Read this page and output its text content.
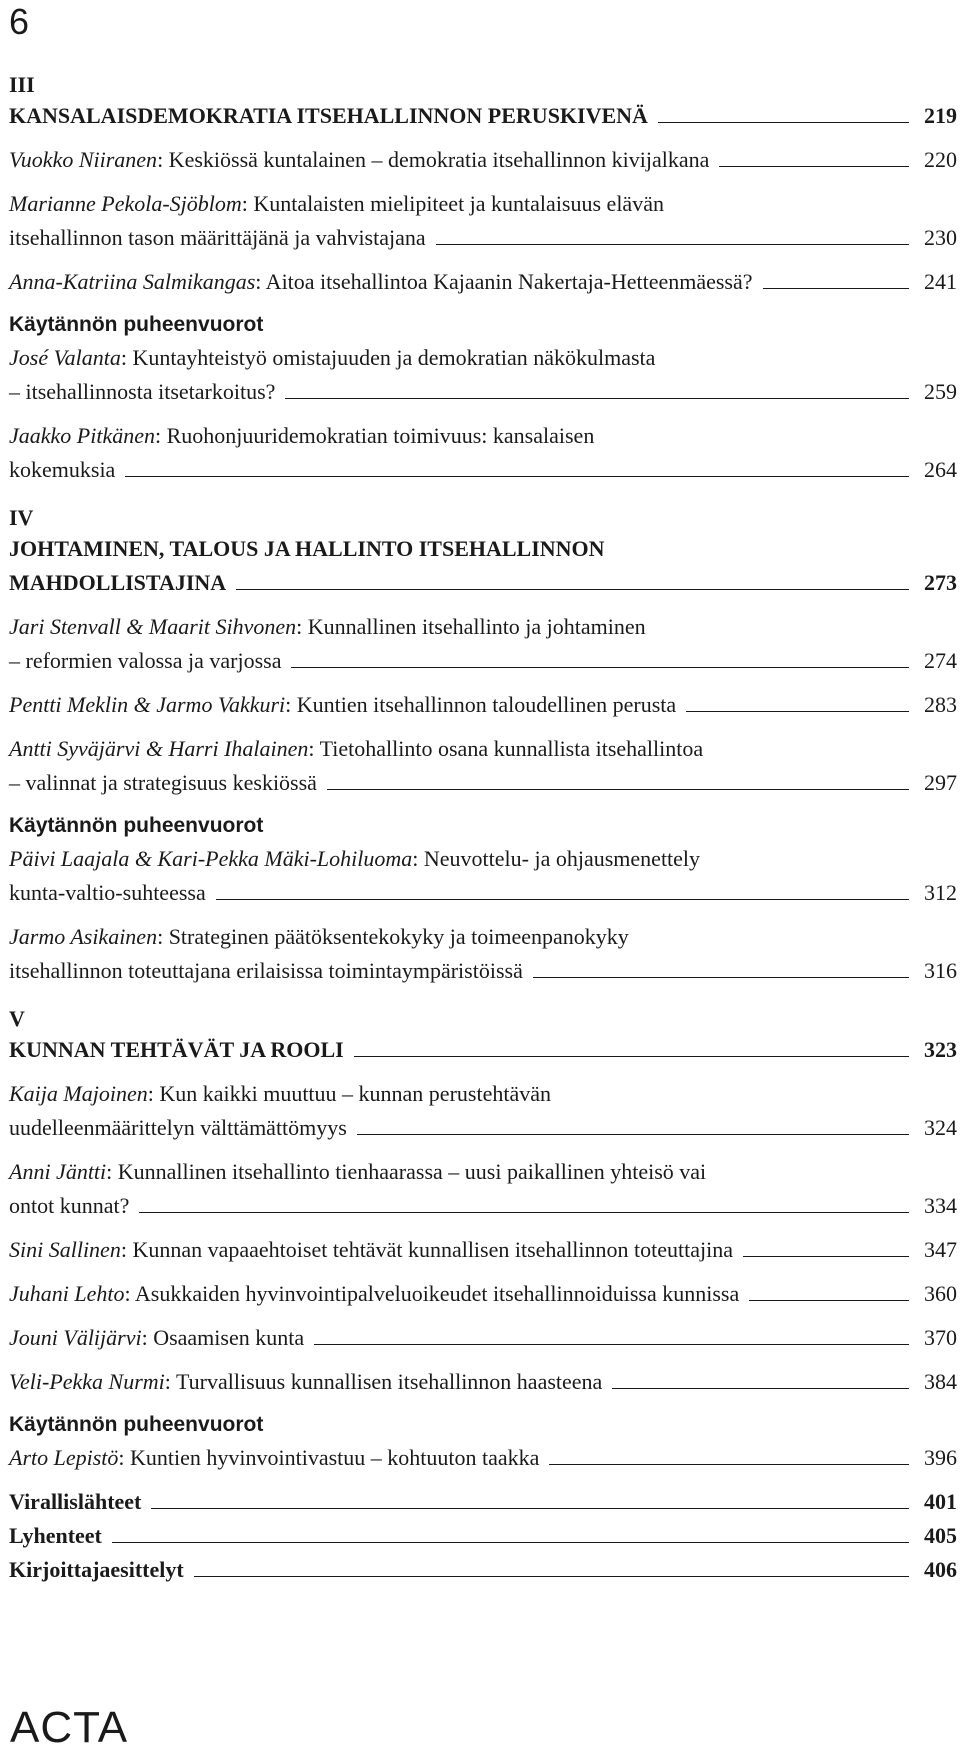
6
III
KANSALAISDEMOKRATIA ITSEHALLINNON PERUSKIVENÄ	219
Vuokko Niiranen: Keskiössä kuntalainen – demokratia itsehallinnon kivijalkana	220
Marianne Pekola-Sjöblom: Kuntalaisten mielipiteet ja kuntalaisuus elävän
itsehallinnon tason määrittäjänä ja vahvistajana	230
Anna-Katriina Salmikangas: Aitoa itsehallintoa Kajaanin Nakertaja-Hetteenmäessä?	241
Käytännön puheenvuorot
José Valanta: Kuntayhteistyö omistajuuden ja demokratian näkökulmasta
– itsehallinnosta itsetarkoitus?	259
Jaakko Pitkänen: Ruohonjuuridemokratian toimivuus: kansalaisen
kokemuksia	264
IV
JOHTAMINEN, TALOUS JA HALLINTO ITSEHALLINNON
MAHDOLLISTAJINA	273
Jari Stenvall & Maarit Sihvonen: Kunnallinen itsehallinto ja johtaminen
– reformien valossa ja varjossa	274
Pentti Meklin & Jarmo Vakkuri: Kuntien itsehallinnon taloudellinen perusta	283
Antti Syväjärvi & Harri Ihalainen: Tietohallinto osana kunnallista itsehallintoa
– valinnat ja strategisuus keskiössä	297
Käytännön puheenvuorot
Päivi Laajala & Kari-Pekka Mäki-Lohiluoma: Neuvottelu- ja ohjausmenettely
kunta-valtio-suhteessa	312
Jarmo Asikainen: Strateginen päätöksentekokyky ja toimeenpanokyky
itsehallinnon toteuttajana erilaisissa toimintaympäristöissä	316
V
KUNNAN TEHTÄVÄT JA ROOLI	323
Kaija Majoinen: Kun kaikki muuttuu – kunnan perustehtävän
uudelleenmäärittelyn välttämättömyys	324
Anni Jäntti: Kunnallinen itsehallinto tienhaarassa – uusi paikallinen yhteisö vai
ontot kunnat?	334
Sini Sallinen: Kunnan vapaaehtoiset tehtävät kunnallisen itsehallinnon toteuttajina	347
Juhani Lehto: Asukkaiden hyvinvointipalveluoikeudet itsehallinnoiduissa kunnissa	360
Jouni Välijärvi: Osaamisen kunta	370
Veli-Pekka Nurmi: Turvallisuus kunnallisen itsehallinnon haasteena	384
Käytännön puheenvuorot
Arto Lepistö: Kuntien hyvinvointivastuu – kohtuuton taakka	396
Virallislähteet	401
Lyhenteet	405
Kirjoittajaesittelyt	406
ACTA
